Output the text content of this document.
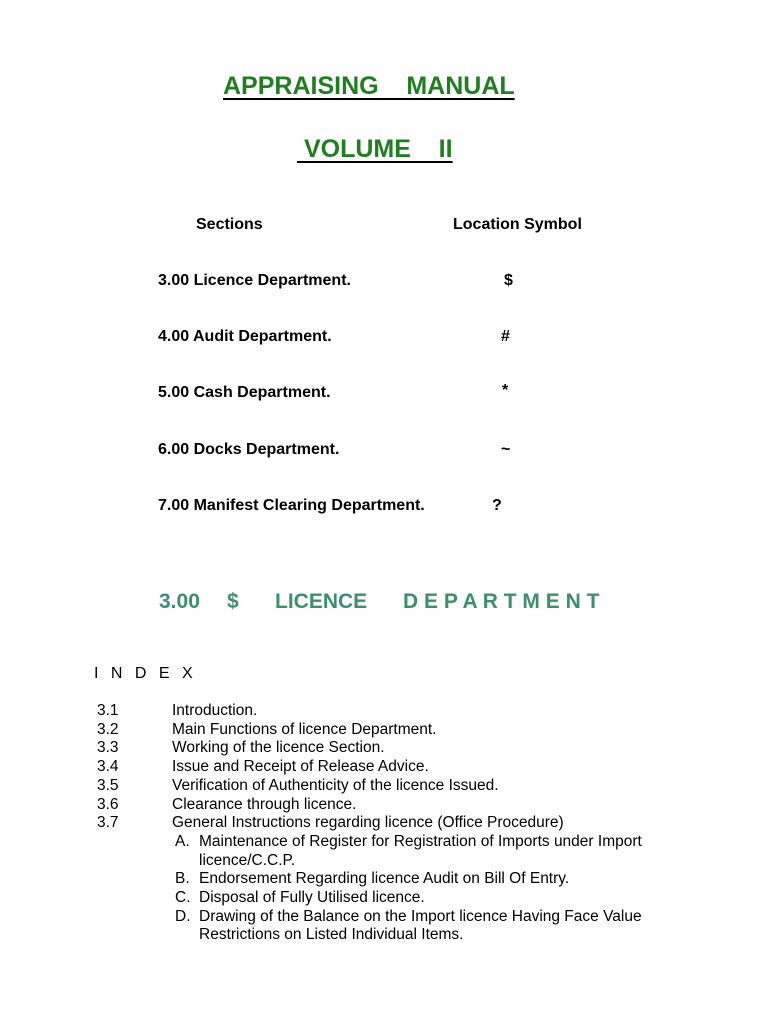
APPRAISING    MANUAL
VOLUME    II
Sections	Location Symbol
3.00 Licence Department.	$
4.00 Audit Department.	#
5.00 Cash Department.	*
6.00 Docks Department.	~
7.00 Manifest Clearing Department.	?
3.00 $ LICENCE D E P A R T M E N T
I N D E X
3.1	Introduction.
3.2	Main Functions of licence Department.
3.3	Working of the licence Section.
3.4	Issue and Receipt of Release Advice.
3.5	Verification of Authenticity of the licence Issued.
3.6	Clearance through licence.
3.7	General Instructions regarding licence (Office Procedure)
A. Maintenance of Register for Registration of Imports under Import licence/C.C.P.
B. Endorsement Regarding licence Audit on Bill Of Entry.
C. Disposal of Fully Utilised licence.
D. Drawing of the Balance on the Import licence Having Face Value Restrictions on Listed Individual Items.
